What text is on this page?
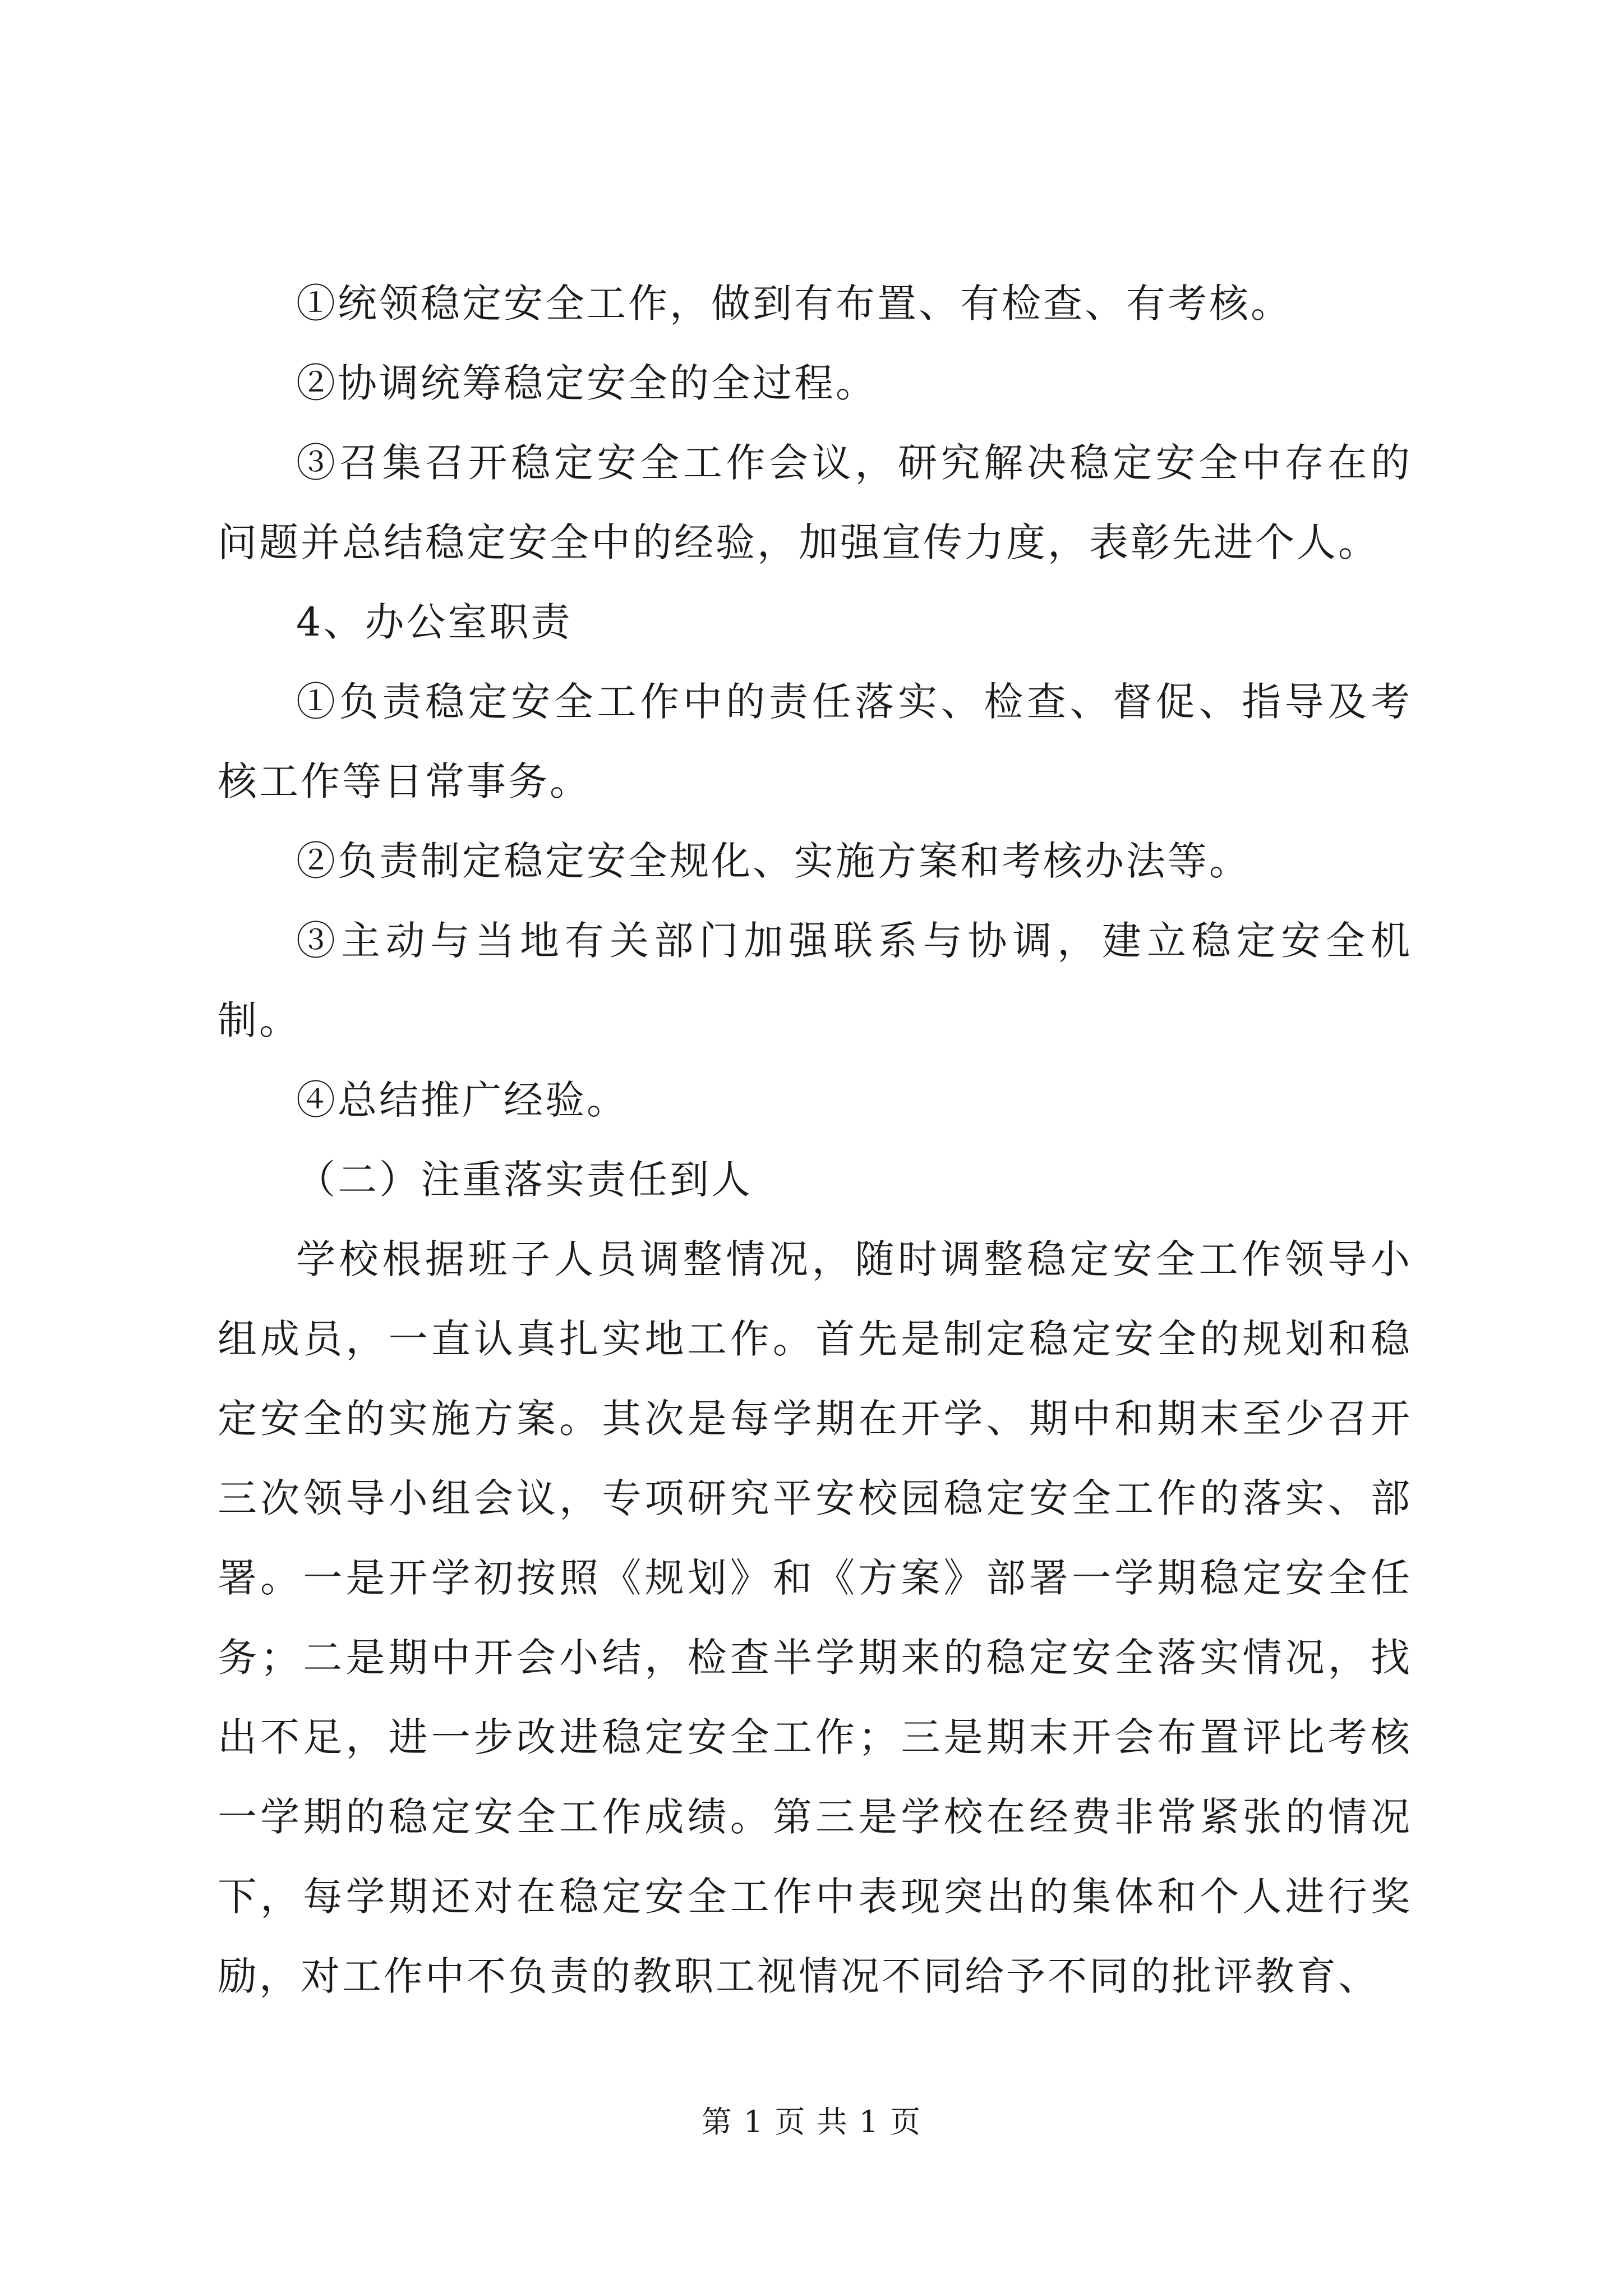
①统领稳定安全工作，做到有布置、有检查、有考核。

②协调统筹稳定安全的全过程。

③召集召开稳定安全工作会议，研究解决稳定安全中存在的问题并总结稳定安全中的经验，加强宣传力度，表彰先进个人。

4、办公室职责

①负责稳定安全工作中的责任落实、检查、督促、指导及考核工作等日常事务。

②负责制定稳定安全规化、实施方案和考核办法等。

③主动与当地有关部门加强联系与协调，建立稳定安全机制。

④总结推广经验。

（二）注重落实责任到人

学校根据班子人员调整情况，随时调整稳定安全工作领导小组成员，一直认真扎实地工作。首先是制定稳定安全的规划和稳定安全的实施方案。其次是每学期在开学、期中和期末至少召开三次领导小组会议，专项研究平安校园稳定安全工作的落实、部署。一是开学初按照《规划》和《方案》部署一学期稳定安全任务；二是期中开会小结，检查半学期来的稳定安全落实情况，找出不足，进一步改进稳定安全工作；三是期末开会布置评比考核一学期的稳定安全工作成绩。第三是学校在经费非常紧张的情况下，每学期还对在稳定安全工作中表现突出的集体和个人进行奖励，对工作中不负责的教职工视情况不同给予不同的批评教育、

第 1 页 共 1 页
